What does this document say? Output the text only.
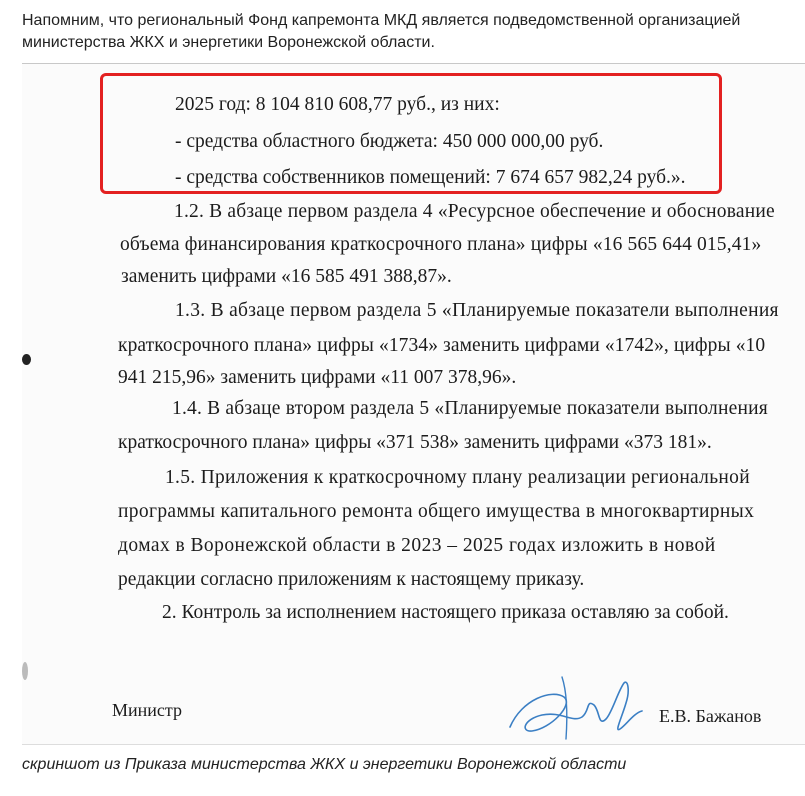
Напомним, что региональный Фонд капремонта МКД является подведомственной организацией
министерства ЖКХ и энергетики Воронежской области.
2025 год: 8 104 810 608,77 руб., из них:
- средства областного бюджета: 450 000 000,00 руб.
- средства собственников помещений: 7 674 657 982,24 руб.».
1.2. В абзаце первом раздела 4 «Ресурсное обеспечение и обоснование
объема финансирования краткосрочного плана» цифры «16 565 644 015,41»
заменить цифрами «16 585 491 388,87».
1.3. В абзаце первом раздела 5 «Планируемые показатели выполнения
краткосрочного плана» цифры «1734» заменить цифрами «1742», цифры «10
941 215,96» заменить цифрами «11 007 378,96».
1.4. В абзаце втором раздела 5 «Планируемые показатели выполнения
краткосрочного плана» цифры «371 538» заменить цифрами «373 181».
1.5. Приложения к краткосрочному плану реализации региональной
программы капитального ремонта общего имущества в многоквартирных
домах в Воронежской области в 2023 – 2025 годах изложить в новой
редакции согласно приложениям к настоящему приказу.
2. Контроль за исполнением настоящего приказа оставляю за собой.
Министр	Е.В. Бажанов
скриншот из Приказа министерства ЖКХ и энергетики Воронежской области
